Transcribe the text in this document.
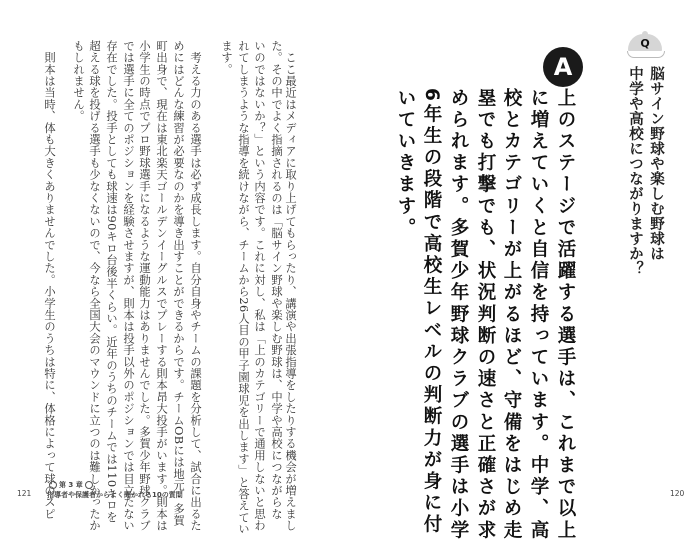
　ここ最近はメディアに取り上げてもらったり、講演や出張指導をしたりする機会が増えまし
た。その中でよく指摘されるのは「脳サイン野球や楽しむ野球は、中学や高校につながらな
いのではないか？」という内容です。これに対し、私は「上のカテゴリーで通用しないと思わ
れてしまうような指導を続けながら、チームから26人目の甲子園球児を出します」と答えてい
ます。
　考える力のある選手は必ず成長します。自分自身やチームの課題を分析して、試合に出るた
めにはどんな練習が必要なのかを導き出すことができるからです。チームOBには地元・多賀
町出身で、現在は東北楽天ゴールデンイーグルスでプレーする則本昂大投手がいます。則本は
小学生の時点でプロ野球選手になるような運動能力はありませんでした。多賀少年野球クラブ
では選手に全てのポジションを経験させますが、則本は投手以外のポジションでは目立たない
存在でした。投手としても球速は90キロ台後半くらい。近年のうちのチームでは110キロを
超える球を投げる選手も少なくないので、今なら全国大会のマウンドに立つのは難しかったか
もしれません。
　則本は当時、体も大きくありませんでした。小学生のうちは特に、体格によって球のスピ
121
第 3 章
指導者や保護者からよく聞かれる10の質問
Q
脳サイン野球や楽しむ野球は
中学や高校につながりますか？
A
上のステージで活躍する選手は、これまで以上
に増えていくと自信を持っています。中学、高
校とカテゴリーが上がるほど、守備をはじめ走
塁でも打撃でも、状況判断の速さと正確さが求
められます。多賀少年野球クラブの選手は小学
6年生の段階で高校生レベルの判断力が身に付
いていきます。
120
